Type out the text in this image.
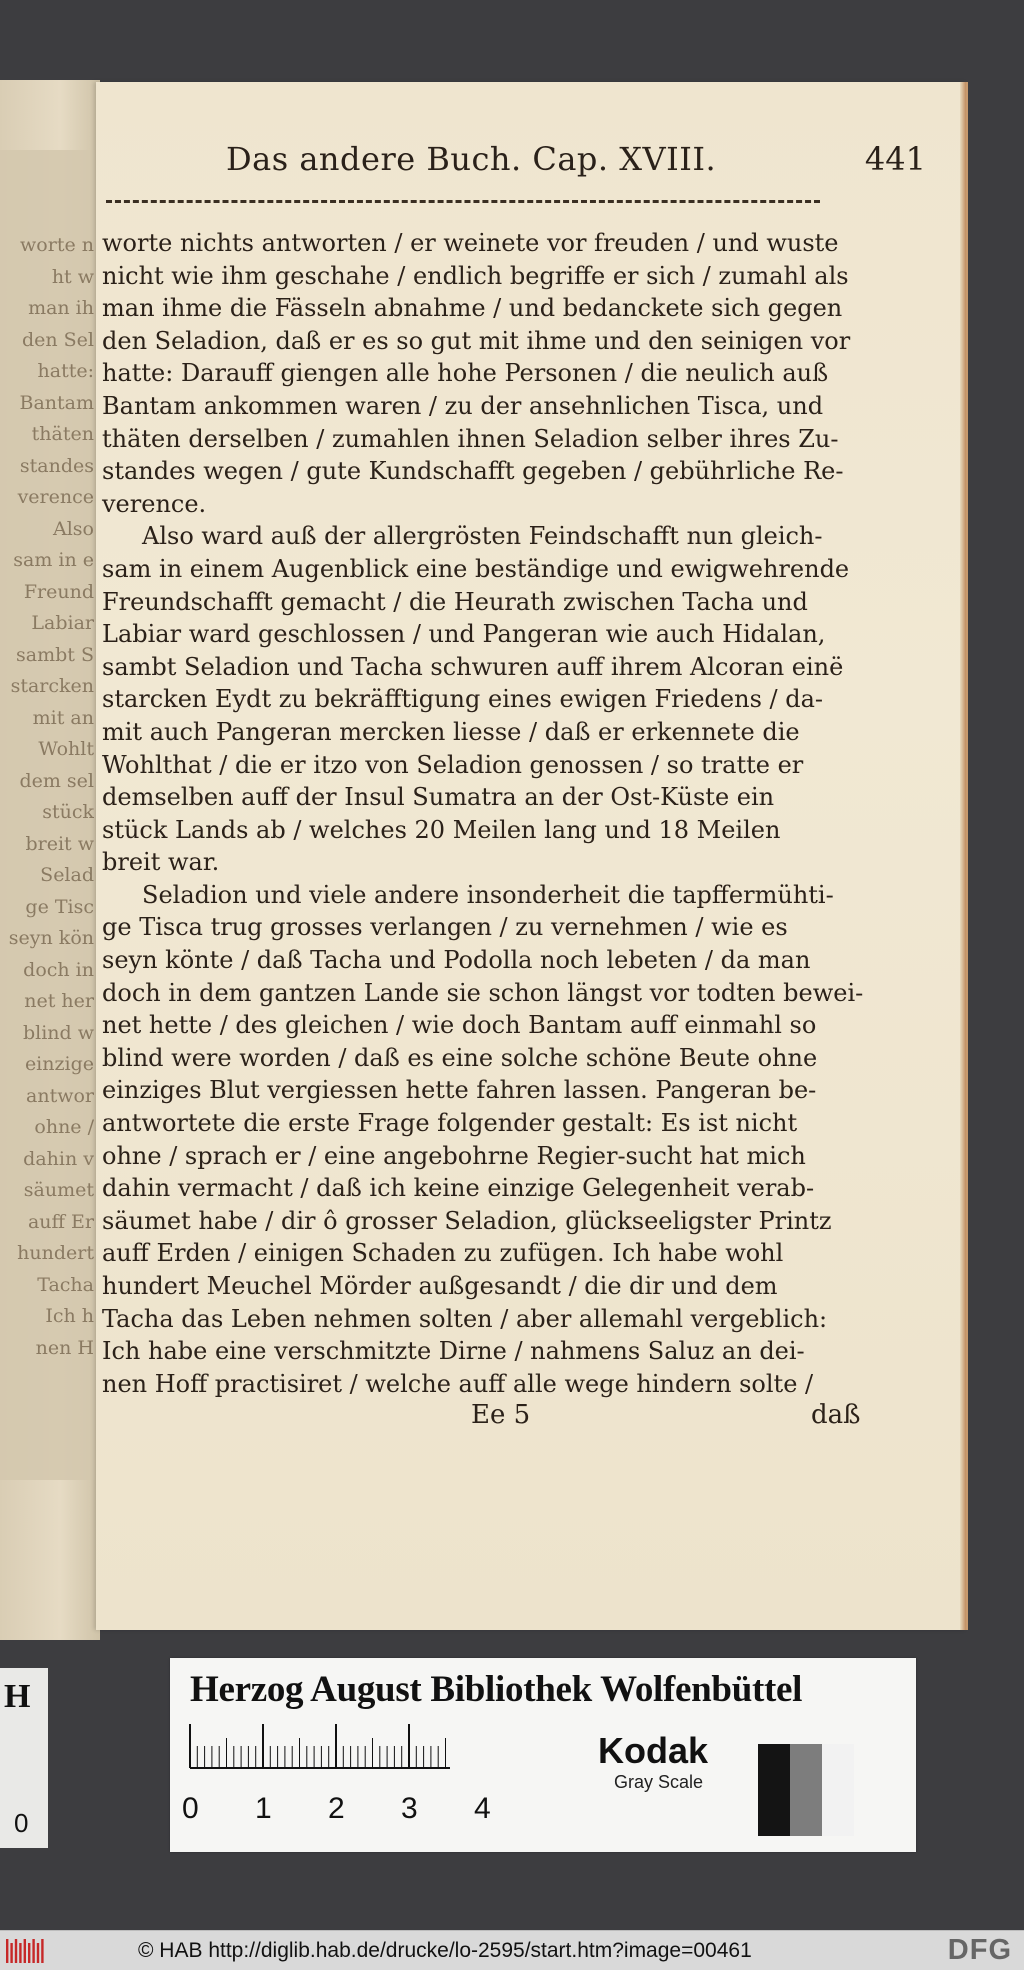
worte n
ht w
man ih
den Sel
hatte:
Bantam
thäten
standes
verence
Also
sam in e
Freund
Labiar
sambt S
starcken
mit an
Wohlt
dem sel
stück
breit w
Selad
ge Tisc
seyn kön
doch in
net her
blind w
einzige
antwor
ohne /
dahin v
säumet
auff Er
hundert
Tacha
Ich h
nen H
Das andere Buch. Cap. XVIII.	441
worte nichts antworten / er weinete vor freuden / und wuste
nicht wie ihm geschahe / endlich begriffe er sich / zumahl als
man ihme die Fässeln abnahme / und bedanckete sich gegen
den Seladion, daß er es so gut mit ihme und den seinigen vor
hatte: Darauff giengen alle hohe Personen / die neulich auß
Bantam ankommen waren / zu der ansehnlichen Tisca, und
thäten derselben / zumahlen ihnen Seladion selber ihres Zu-
standes wegen / gute Kundschafft gegeben / gebührliche Re-
verence.
Also ward auß der allergrösten Feindschafft nun gleich-
sam in einem Augenblick eine beständige und ewigwehrende
Freundschafft gemacht / die Heurath zwischen Tacha und
Labiar ward geschlossen / und Pangeran wie auch Hidalan,
sambt Seladion und Tacha schwuren auff ihrem Alcoran einë
starcken Eydt zu bekräfftigung eines ewigen Friedens / da-
mit auch Pangeran mercken liesse / daß er erkennete die
Wohlthat / die er itzo von Seladion genossen / so tratte er
demselben auff der Insul Sumatra an der Ost-Küste ein
stück Lands ab / welches 20 Meilen lang und 18 Meilen
breit war.
Seladion und viele andere insonderheit die tapffermühti-
ge Tisca trug grosses verlangen / zu vernehmen / wie es
seyn könte / daß Tacha und Podolla noch lebeten / da man
doch in dem gantzen Lande sie schon längst vor todten bewei-
net hette / des gleichen / wie doch Bantam auff einmahl so
blind were worden / daß es eine solche schöne Beute ohne
einziges Blut vergiessen hette fahren lassen. Pangeran be-
antwortete die erste Frage folgender gestalt: Es ist nicht
ohne / sprach er / eine angebohrne Regier-sucht hat mich
dahin vermacht / daß ich keine einzige Gelegenheit verab-
säumet habe / dir ô grosser Seladion, glückseeligster Printz
auff Erden / einigen Schaden zu zufügen. Ich habe wohl
hundert Meuchel Mörder außgesandt / die dir und dem
Tacha das Leben nehmen solten / aber allemahl vergeblich:
Ich habe eine verschmitzte Dirne / nahmens Saluz an dei-
nen Hoff practisiret / welche auff alle wege hindern solte /
Ee 5	daß
H
0
Herzog August Bibliothek Wolfenbüttel
0 1 2 3 4
Kodak
Gray Scale
© HAB http://diglib.hab.de/drucke/lo-2595/start.htm?image=00461	DFG
